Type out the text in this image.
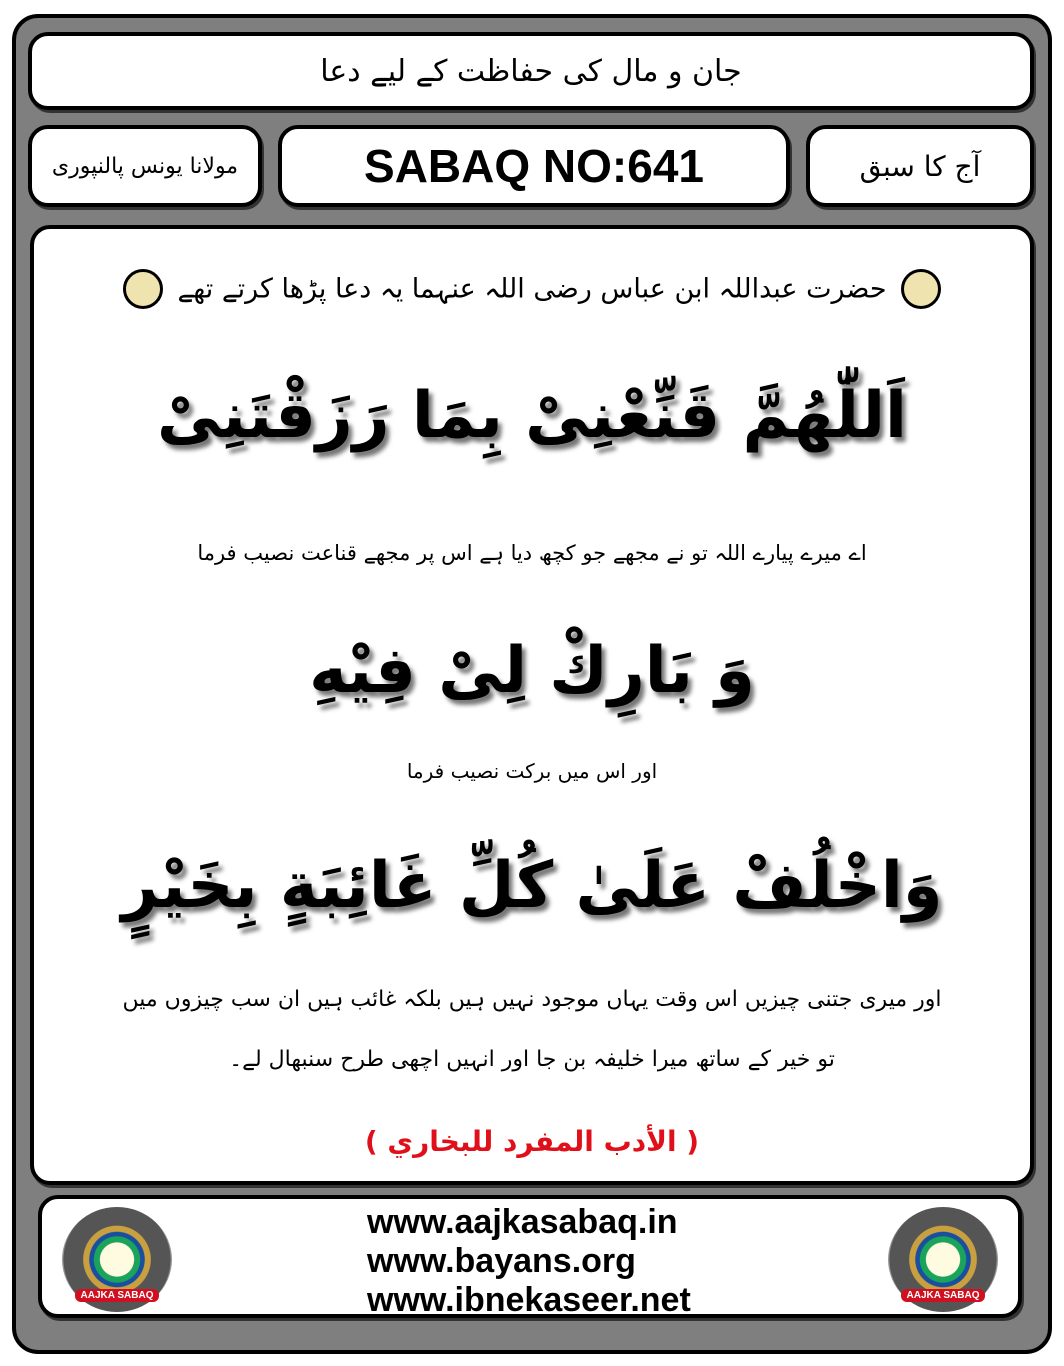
جان و مال کی حفاظت کے لیے دعا
مولانا یونس پالنپوری	SABAQ NO:641	آج کا سبق
حضرت عبداللہ ابن عباس رضی اللہ عنہما یہ دعا پڑھا کرتے تھے
اَللّٰهُمَّ قَنِّعْنِىْ بِمَا رَزَقْتَنِىْ
اے میرے پیارے اللہ تو نے مجھے جو کچھ دیا ہے اس پر مجھے قناعت نصیب فرما
وَ بَارِكْ لِىْ فِيْهِ
اور اس میں برکت نصیب فرما
وَاخْلُفْ عَلَىٰ كُلِّ غَائِبَةٍ بِخَيْرٍ
اور میری جتنی چیزیں اس وقت یہاں موجود نہیں ہیں بلکہ غائب ہیں ان سب چیزوں میں
تو خیر کے ساتھ میرا خلیفہ بن جا اور انہیں اچھی طرح سنبھال لے۔
( الأدب المفرد للبخاري )
AAJKA SABAQ
www.aajkasabaq.in
www.bayans.org
www.ibnekaseer.net	AAJKA SABAQ
